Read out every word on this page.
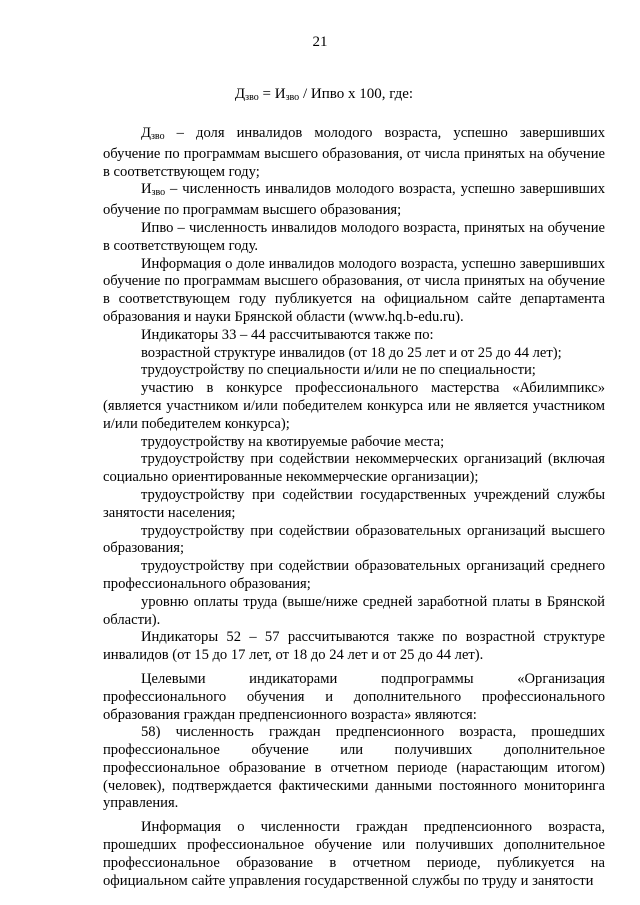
21
$Д_{зво} = И_{зво}$ / Ипво х 100, где:

$Д_{зво}$ – доля инвалидов молодого возраста, успешно завершивших обучение по программам высшего образования, от числа принятых на обучение в соответствующем году;

$И_{зво}$ – численность инвалидов молодого возраста, успешно завершивших обучение по программам высшего образования;

Ипво – численность инвалидов молодого возраста, принятых на обучение в соответствующем году.

Информация о доле инвалидов молодого возраста, успешно завершивших обучение по программам высшего образования, от числа принятых на обучение в соответствующем году публикуется на официальном сайте департамента образования и науки Брянской области (www.hq.b-edu.ru).

Индикаторы 33 – 44 рассчитываются также по:

возрастной структуре инвалидов (от 18 до 25 лет и от 25 до 44 лет);

трудоустройству по специальности и/или не по специальности;

участию в конкурсе профессионального мастерства «Абилимпикс» (является участником и/или победителем конкурса или не является участником и/или победителем конкурса);

трудоустройству на квотируемые рабочие места;

трудоустройству при содействии некоммерческих организаций (включая социально ориентированные некоммерческие организации);

трудоустройству при содействии государственных учреждений службы занятости населения;

трудоустройству при содействии образовательных организаций высшего образования;

трудоустройству при содействии образовательных организаций среднего профессионального образования;

уровню оплаты труда (выше/ниже средней заработной платы в Брянской области).

Индикаторы 52 – 57 рассчитываются также по возрастной структуре инвалидов (от 15 до 17 лет, от 18 до 24 лет и от 25 до 44 лет).

Целевыми индикаторами подпрограммы «Организация профессионального обучения и дополнительного профессионального образования граждан предпенсионного возраста» являются:

58) численность граждан предпенсионного возраста, прошедших профессиональное обучение или получивших дополнительное профессиональное образование в отчетном периоде (нарастающим итогом) (человек), подтверждается фактическими данными постоянного мониторинга управления.

Информация о численности граждан предпенсионного возраста, прошедших профессиональное обучение или получивших дополнительное профессиональное образование в отчетном периоде, публикуется на официальном сайте управления государственной службы по труду и занятости
